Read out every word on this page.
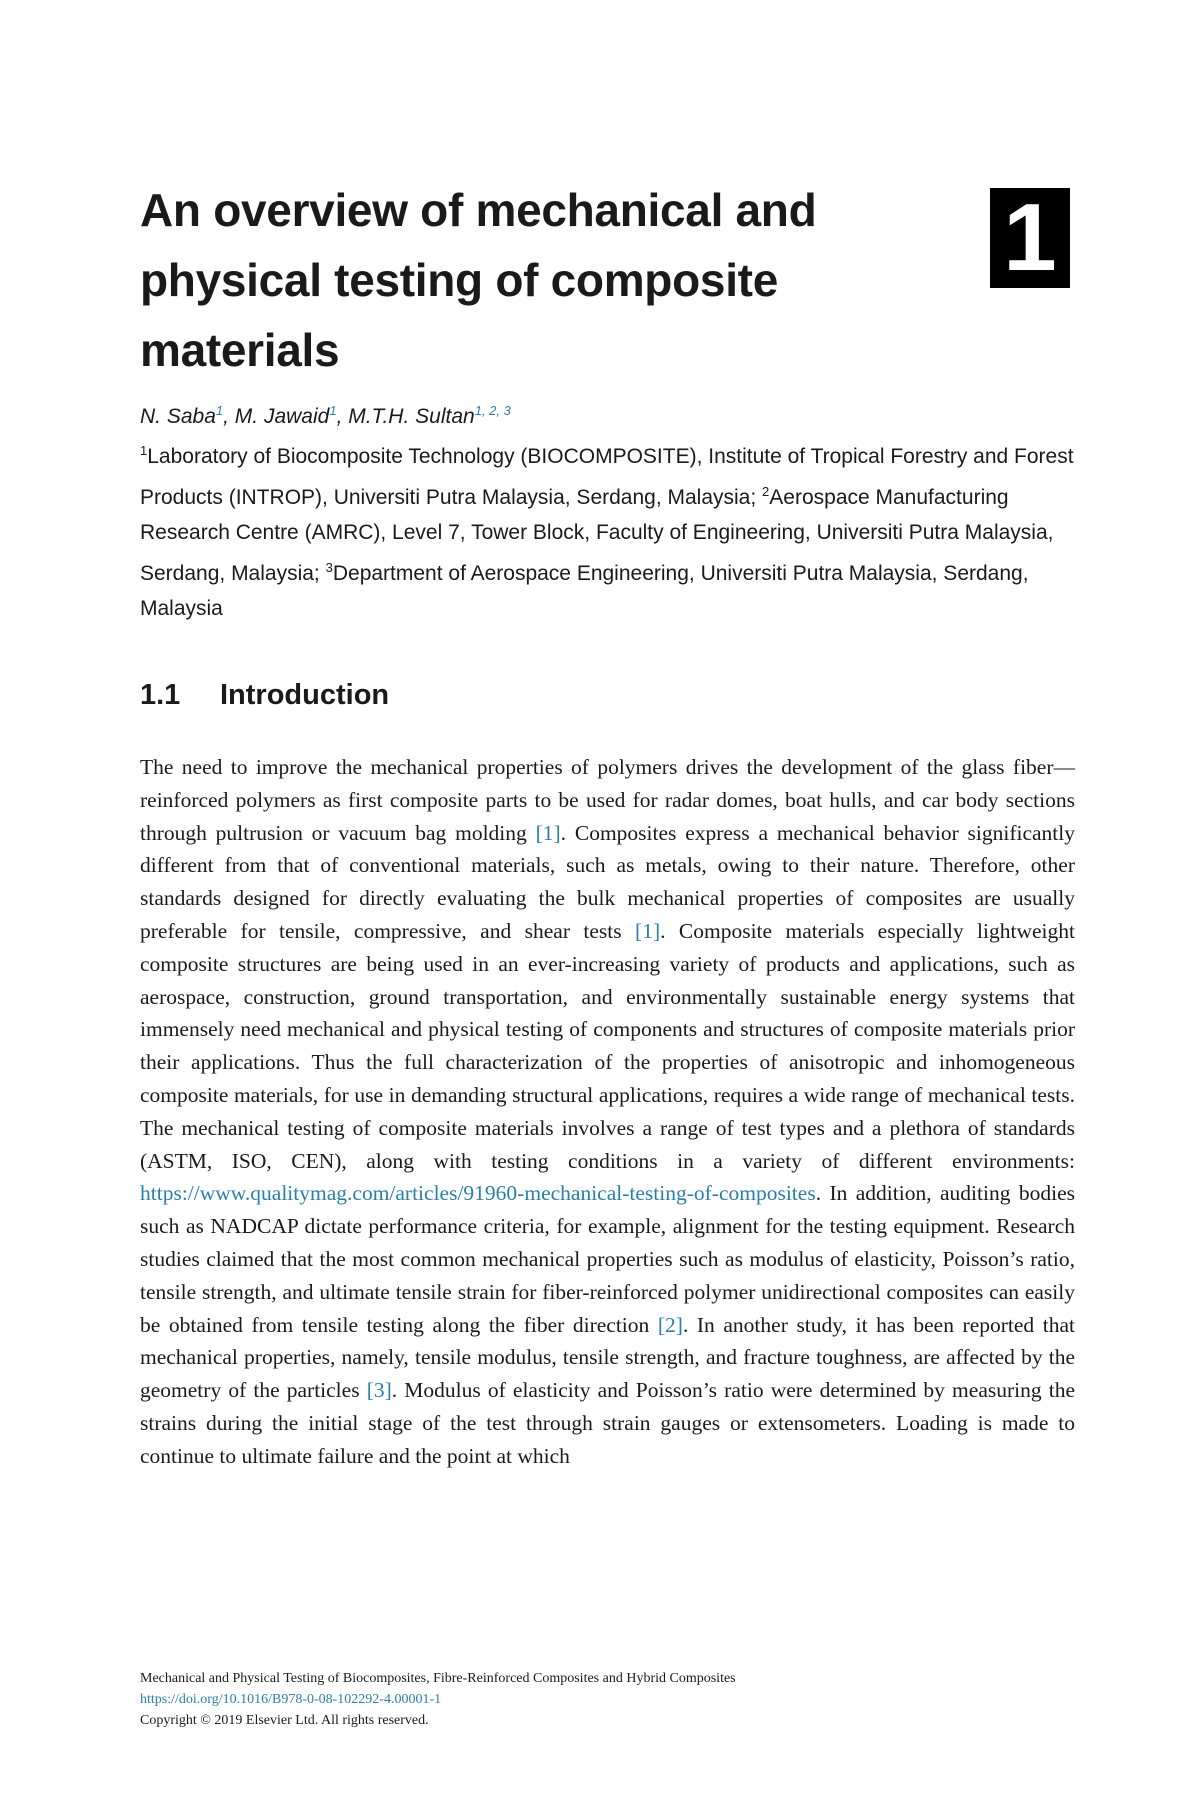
An overview of mechanical and physical testing of composite materials
1
N. Saba$^1$, M. Jawaid$^1$, M.T.H. Sultan$^{1, 2, 3}$
$^1$Laboratory of Biocomposite Technology (BIOCOMPOSITE), Institute of Tropical Forestry and Forest Products (INTROP), Universiti Putra Malaysia, Serdang, Malaysia; $^2$Aerospace Manufacturing Research Centre (AMRC), Level 7, Tower Block, Faculty of Engineering, Universiti Putra Malaysia, Serdang, Malaysia; $^3$Department of Aerospace Engineering, Universiti Putra Malaysia, Serdang, Malaysia
1.1 Introduction

The need to improve the mechanical properties of polymers drives the development of the glass fiber—reinforced polymers as first composite parts to be used for radar domes, boat hulls, and car body sections through pultrusion or vacuum bag molding [1]. Composites express a mechanical behavior significantly different from that of conventional materials, such as metals, owing to their nature. Therefore, other standards designed for directly evaluating the bulk mechanical properties of composites are usually preferable for tensile, compressive, and shear tests [1]. Composite materials especially lightweight composite structures are being used in an ever-increasing variety of products and applications, such as aerospace, construction, ground transportation, and environmentally sustainable energy systems that immensely need mechanical and physical testing of components and structures of composite materials prior their applications. Thus the full characterization of the properties of anisotropic and inhomogeneous composite materials, for use in demanding structural applications, requires a wide range of mechanical tests. The mechanical testing of composite materials involves a range of test types and a plethora of standards (ASTM, ISO, CEN), along with testing conditions in a variety of different environments: https://www.qualitymag.com/articles/91960-mechanical-testing-of-composites. In addition, auditing bodies such as NADCAP dictate performance criteria, for example, alignment for the testing equipment. Research studies claimed that the most common mechanical properties such as modulus of elasticity, Poisson’s ratio, tensile strength, and ultimate tensile strain for fiber-reinforced polymer unidirectional composites can easily be obtained from tensile testing along the fiber direction [2]. In another study, it has been reported that mechanical properties, namely, tensile modulus, tensile strength, and fracture toughness, are affected by the geometry of the particles [3]. Modulus of elasticity and Poisson’s ratio were determined by measuring the strains during the initial stage of the test through strain gauges or extensometers. Loading is made to continue to ultimate failure and the point at which

Mechanical and Physical Testing of Biocomposites, Fibre-Reinforced Composites and Hybrid Composites
https://doi.org/10.1016/B978-0-08-102292-4.00001-1
Copyright © 2019 Elsevier Ltd. All rights reserved.
